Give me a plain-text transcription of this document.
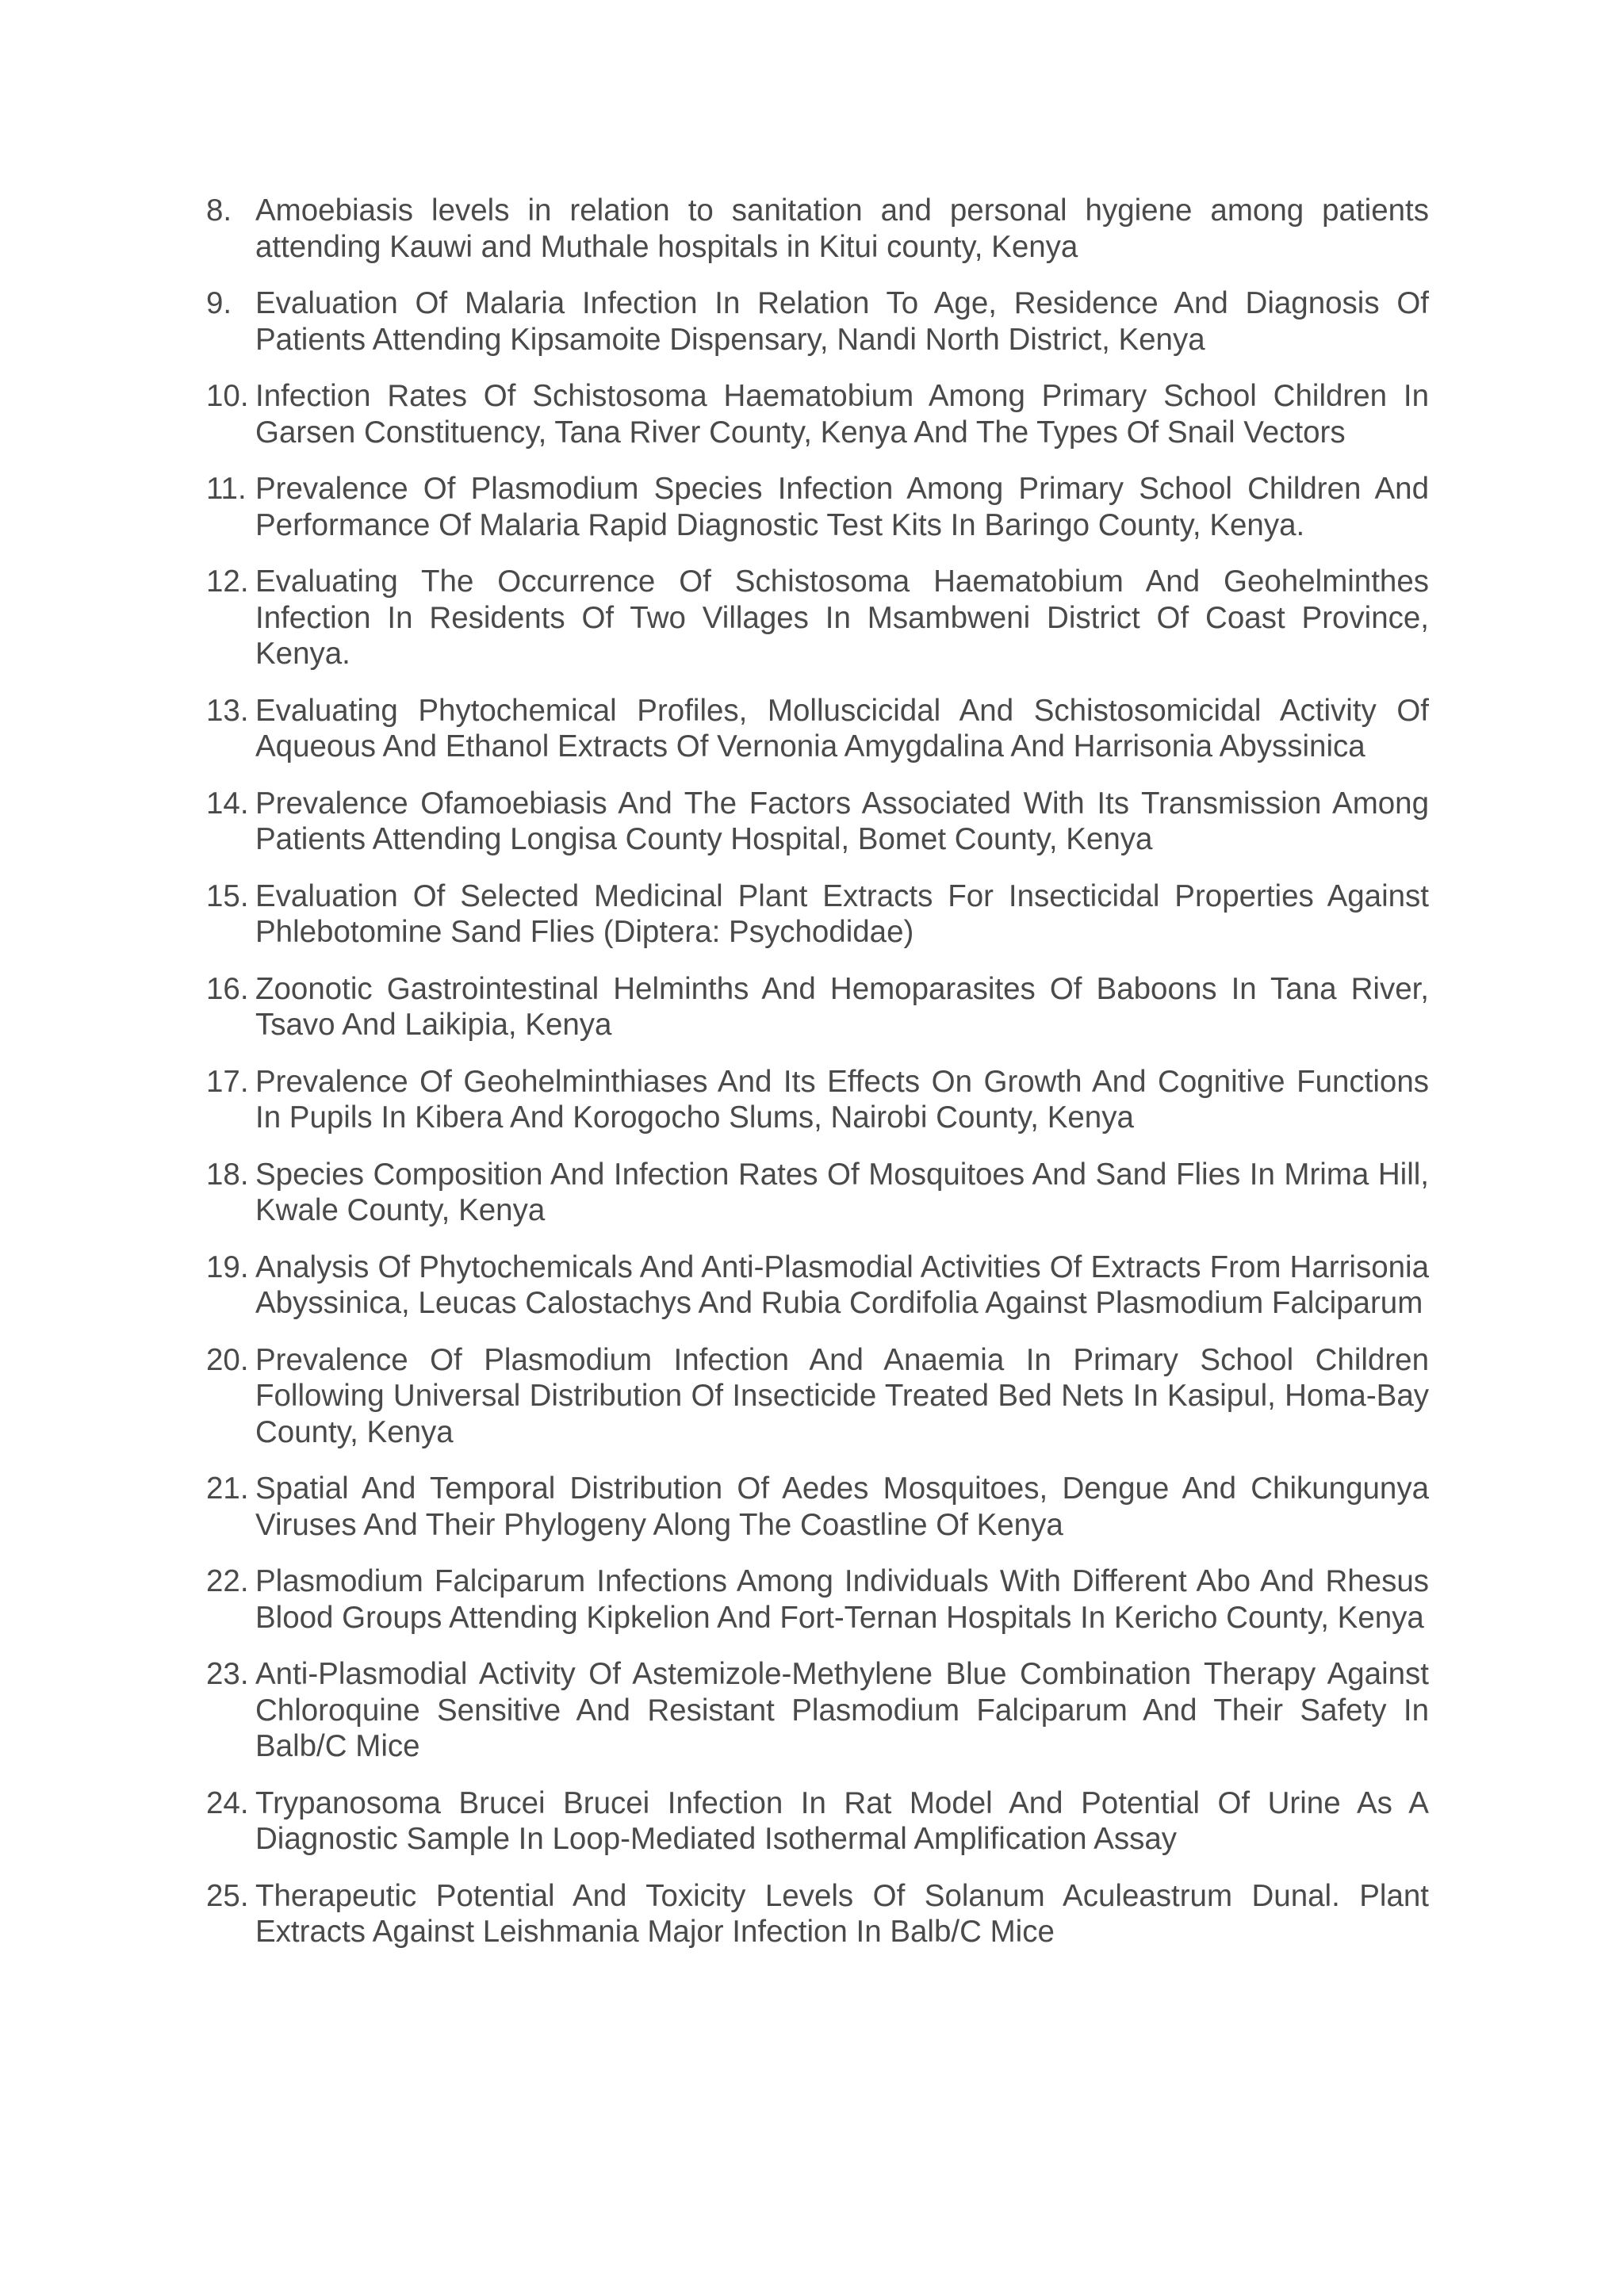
8. Amoebiasis levels in relation to sanitation and personal hygiene among patients attending Kauwi and Muthale hospitals in Kitui county, Kenya
9. Evaluation Of Malaria Infection In Relation To Age, Residence And Diagnosis Of Patients Attending Kipsamoite Dispensary, Nandi North District, Kenya
10. Infection Rates Of Schistosoma Haematobium Among Primary School Children In Garsen Constituency, Tana River County, Kenya And The Types Of Snail Vectors
11. Prevalence Of Plasmodium Species Infection Among Primary School Children And Performance Of Malaria Rapid Diagnostic Test Kits In Baringo County, Kenya.
12. Evaluating The Occurrence Of Schistosoma Haematobium And Geohelminthes Infection In Residents Of Two Villages In Msambweni District Of Coast Province, Kenya.
13. Evaluating Phytochemical Profiles, Molluscicidal And Schistosomicidal Activity Of Aqueous And Ethanol Extracts Of Vernonia Amygdalina And Harrisonia Abyssinica
14. Prevalence Ofamoebiasis And The Factors Associated With Its Transmission Among Patients Attending Longisa County Hospital, Bomet County, Kenya
15. Evaluation Of Selected Medicinal Plant Extracts For Insecticidal Properties Against Phlebotomine Sand Flies (Diptera: Psychodidae)
16. Zoonotic Gastrointestinal Helminths And Hemoparasites Of Baboons In Tana River, Tsavo And Laikipia, Kenya
17. Prevalence Of Geohelminthiases And Its Effects On Growth And Cognitive Functions In Pupils In Kibera And Korogocho Slums, Nairobi County, Kenya
18. Species Composition And Infection Rates Of Mosquitoes And Sand Flies In Mrima Hill, Kwale County, Kenya
19. Analysis Of Phytochemicals And Anti-Plasmodial Activities Of Extracts From Harrisonia Abyssinica, Leucas Calostachys And Rubia Cordifolia Against Plasmodium Falciparum
20. Prevalence Of Plasmodium Infection And Anaemia In Primary School Children Following Universal Distribution Of Insecticide Treated Bed Nets In Kasipul, Homa-Bay County, Kenya
21. Spatial And Temporal Distribution Of Aedes Mosquitoes, Dengue And Chikungunya Viruses And Their Phylogeny Along The Coastline Of Kenya
22. Plasmodium Falciparum Infections Among Individuals With Different Abo And Rhesus Blood Groups Attending Kipkelion And Fort-Ternan Hospitals In Kericho County, Kenya
23. Anti-Plasmodial Activity Of Astemizole-Methylene Blue Combination Therapy Against Chloroquine Sensitive And Resistant Plasmodium Falciparum And Their Safety In Balb/C Mice
24. Trypanosoma Brucei Brucei Infection In Rat Model And Potential Of Urine As A Diagnostic Sample In Loop-Mediated Isothermal Amplification Assay
25. Therapeutic Potential And Toxicity Levels Of Solanum Aculeastrum Dunal. Plant Extracts Against Leishmania Major Infection In Balb/C Mice
